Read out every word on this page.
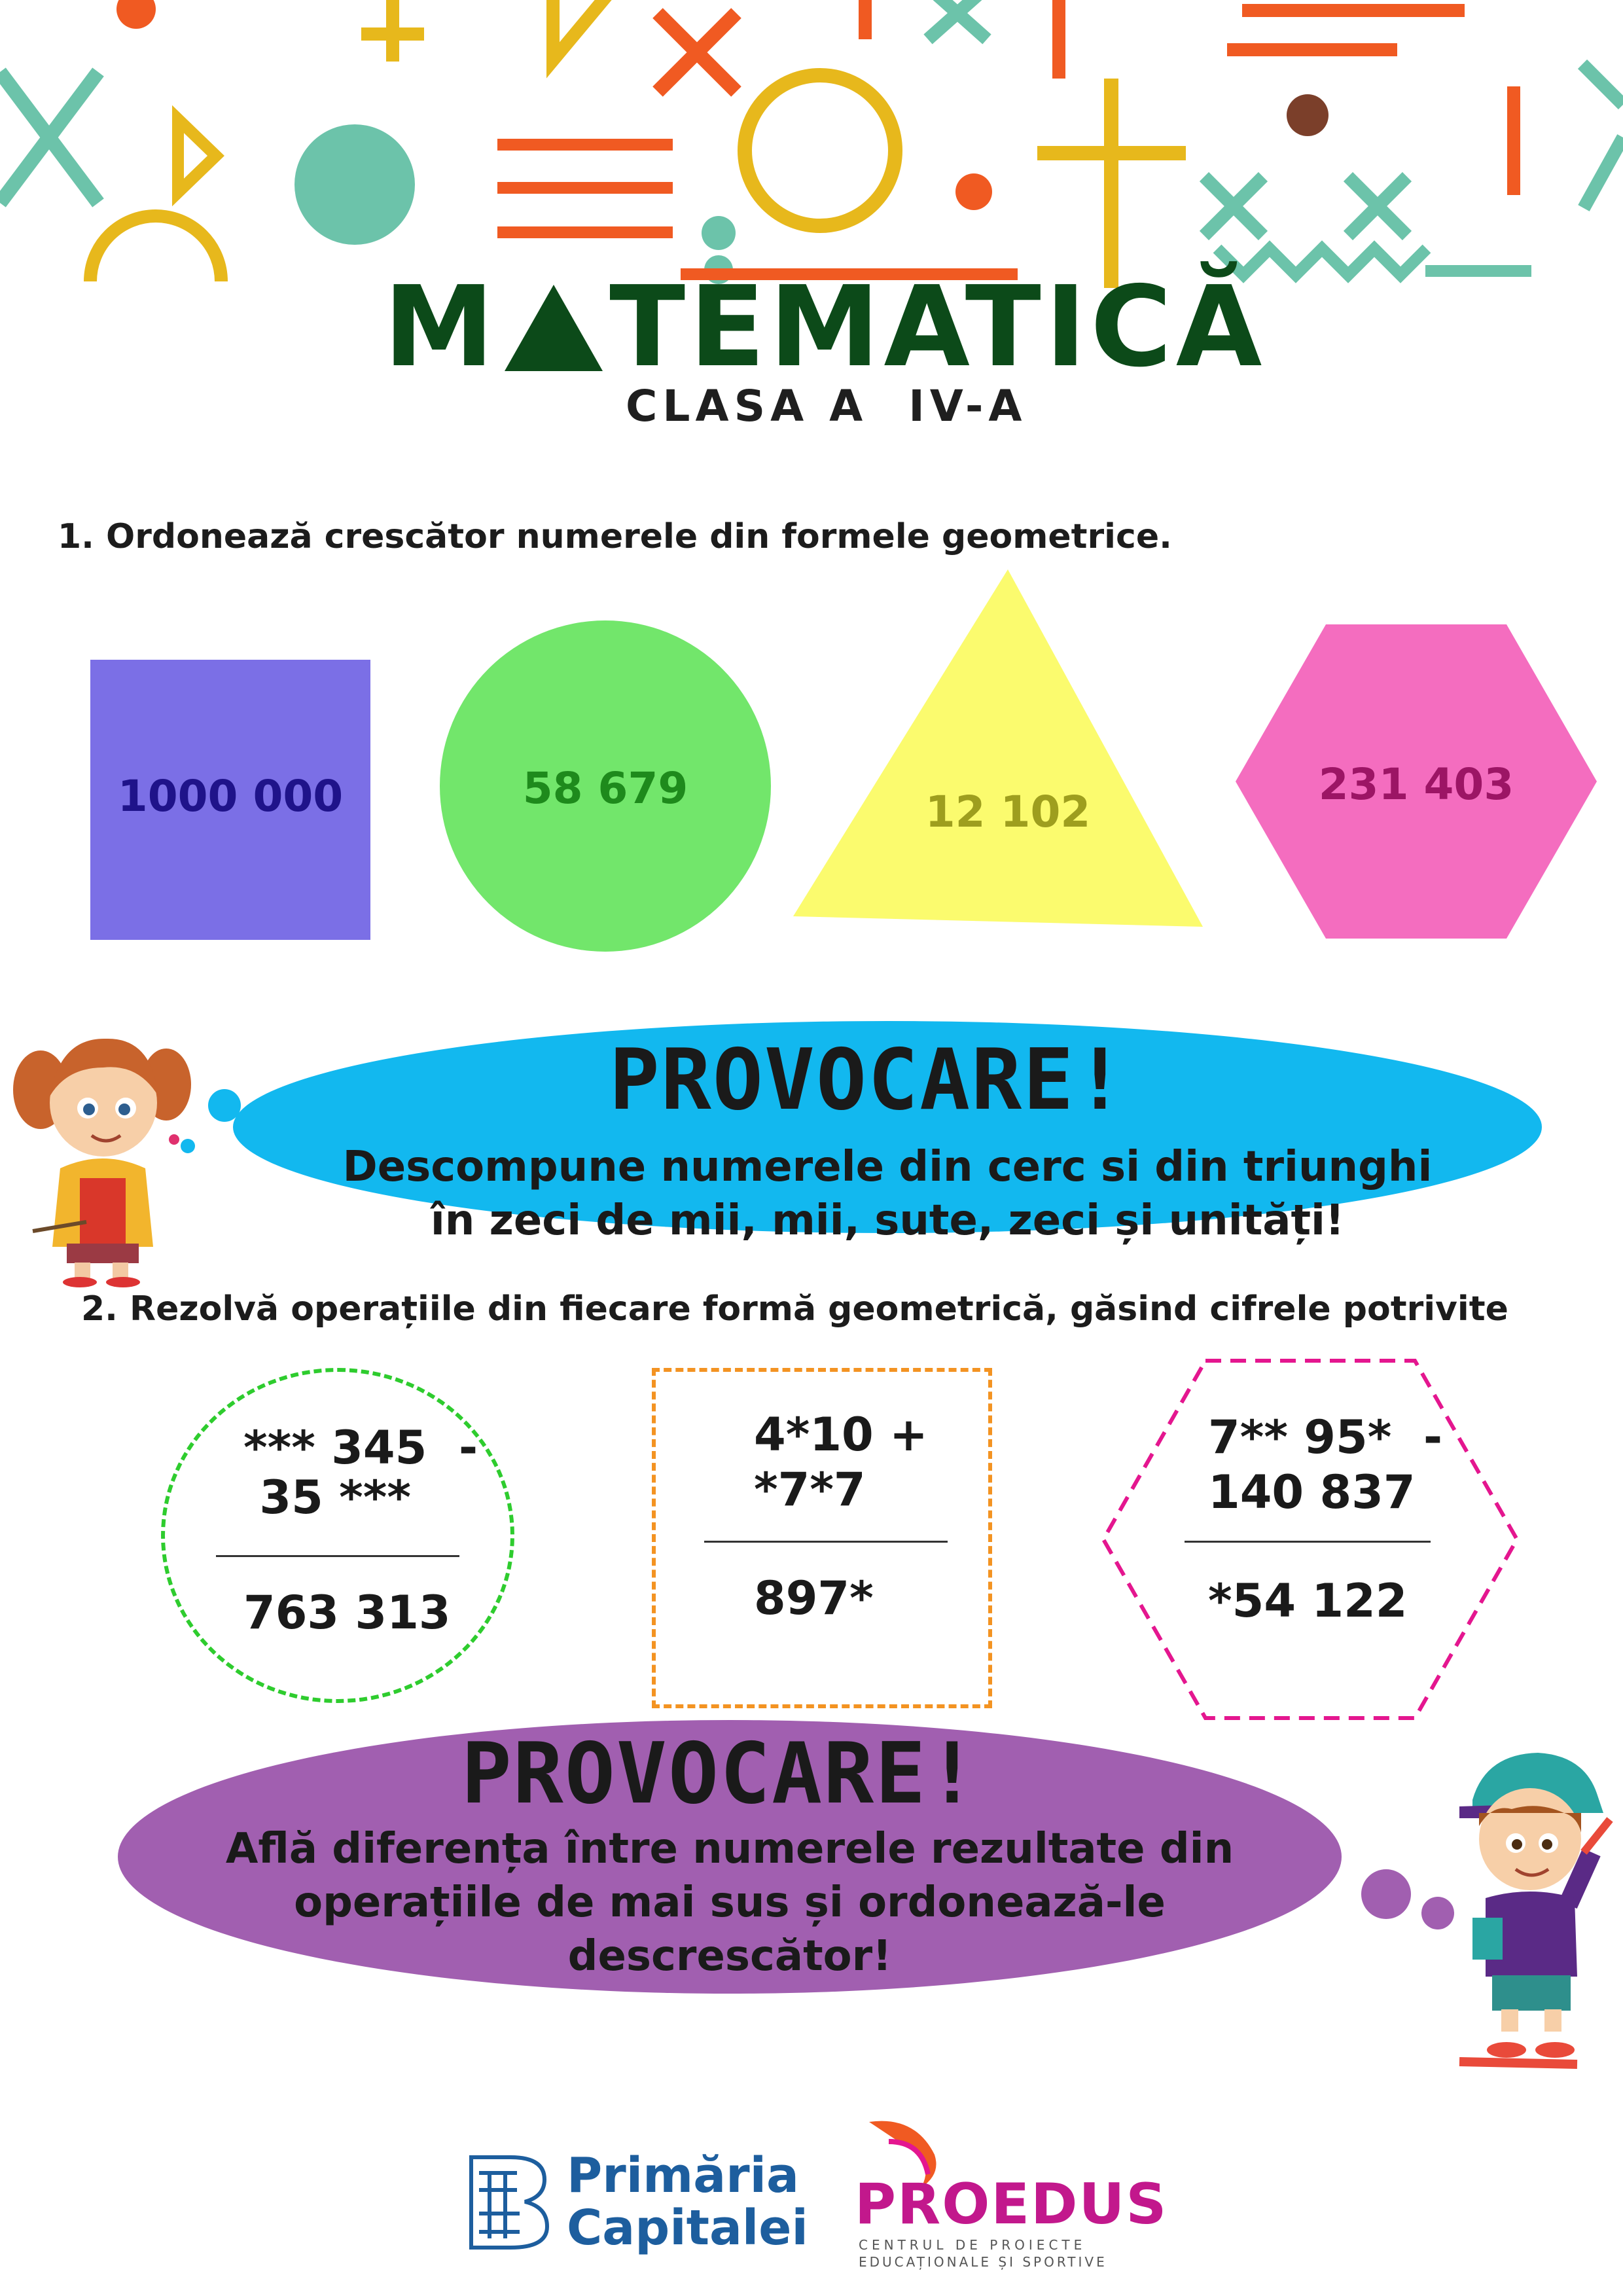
M TEMATICĂ
CLASA A  IV-A
1. Ordonează crescător numerele din formele geometrice.
1000 000	58 679	12 102
231 403
PROVOCARE!
Descompune numerele din cerc si din triunghi
în zeci de mii, mii, sute, zeci și unități!
2. Rezolvă operațiile din fiecare formă geometrică, găsind cifrele potrivite
*** 345  -
35 ***
763 313
4*10 +
*7*7
897*
7** 95*  -
140 837
*54 122
PROVOCARE!
Află diferența între numerele rezultate din
operațiile de mai sus și ordonează-le
descrescător!
Primăria
Capitalei PROEDUS
CENTRUL DE PROIECTE
EDUCAȚIONALE ȘI SPORTIVE
